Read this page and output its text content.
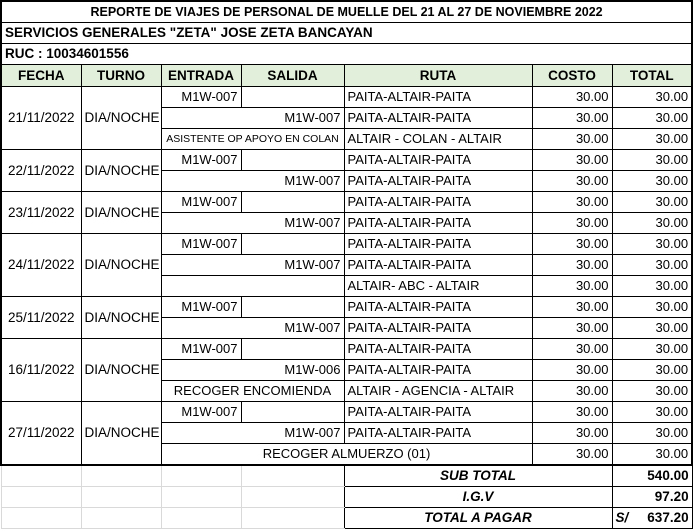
REPORTE DE VIAJES DE PERSONAL DE MUELLE DEL 21 AL 27 DE NOVIEMBRE 2022						
SERVICIOS GENERALES "ZETA" JOSE ZETA BANCAYAN						
RUC : 10034601556						
FECHA	TURNO	ENTRADA	SALIDA	RUTA	COSTO	TOTAL
21/11/2022	DIA/NOCHE	M1W-007		PAITA-ALTAIR-PAITA	30.00	30.00
		M1W-007		PAITA-ALTAIR-PAITA	30.00	30.00
		ASISTENTE OP APOYO EN COLAN		ALTAIR - COLAN - ALTAIR	30.00	30.00
22/11/2022	DIA/NOCHE	M1W-007		PAITA-ALTAIR-PAITA	30.00	30.00
		M1W-007		PAITA-ALTAIR-PAITA	30.00	30.00
23/11/2022	DIA/NOCHE	M1W-007		PAITA-ALTAIR-PAITA	30.00	30.00
		M1W-007		PAITA-ALTAIR-PAITA	30.00	30.00
24/11/2022	DIA/NOCHE	M1W-007		PAITA-ALTAIR-PAITA	30.00	30.00
		M1W-007		PAITA-ALTAIR-PAITA	30.00	30.00
				ALTAIR- ABC - ALTAIR	30.00	30.00
25/11/2022	DIA/NOCHE	M1W-007		PAITA-ALTAIR-PAITA	30.00	30.00
		M1W-007		PAITA-ALTAIR-PAITA	30.00	30.00
16/11/2022	DIA/NOCHE	M1W-007		PAITA-ALTAIR-PAITA	30.00	30.00
		M1W-006		PAITA-ALTAIR-PAITA	30.00	30.00
		RECOGER ENCOMIENDA		ALTAIR - AGENCIA - ALTAIR	30.00	30.00
27/11/2022	DIA/NOCHE	M1W-007		PAITA-ALTAIR-PAITA	30.00	30.00
		M1W-007		PAITA-ALTAIR-PAITA	30.00	30.00
		RECOGER ALMUERZO (01)			30.00	30.00
				SUB TOTAL		540.00
				I.G.V		97.20
				TOTAL A PAGAR		S/ 637.20
